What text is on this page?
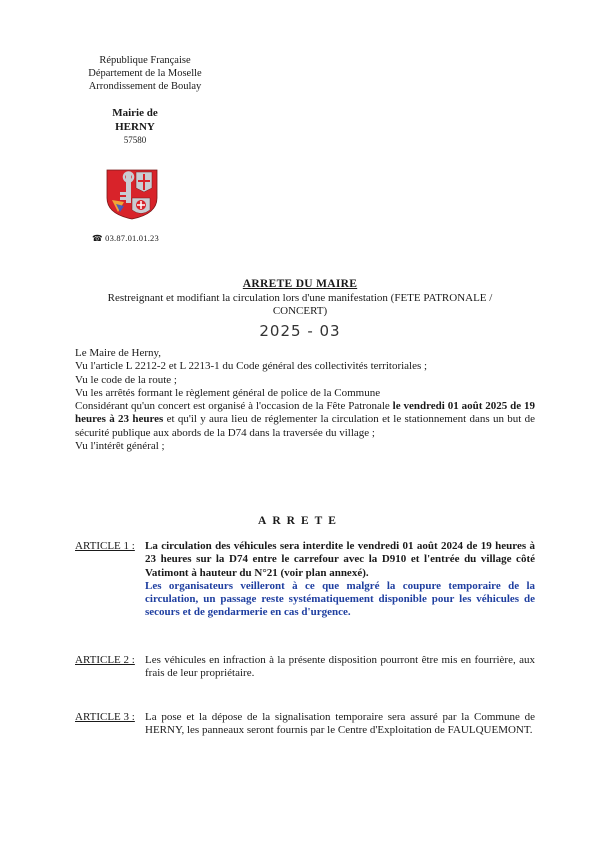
République Française
Département de la Moselle
Arrondissement de Boulay
Mairie de
HERNY
57580
☎ 03.87.01.01.23
ARRETE DU MAIRE
Restreignant et modifiant la circulation lors d'une manifestation (FETE PATRONALE / CONCERT)
2025 - 03

Le Maire de Herny,

Vu l'article L 2212-2 et L 2213-1 du Code général des collectivités territoriales ;

Vu le code de la route ;

Vu les arrêtés formant le règlement général de police de la Commune

Considérant qu'un concert est organisé à l'occasion de la Fête Patronale le vendredi 01 août 2025 de 19 heures à 23 heures et qu'il y aura lieu de réglementer la circulation et le stationnement dans un but de sécurité publique aux abords de la D74 dans la traversée du village ;

Vu l'intérêt général ;

ARRETE
ARTICLE 1 : La circulation des véhicules sera interdite le vendredi 01 août 2024 de 19 heures à 23 heures sur la D74 entre le carrefour avec la D910 et l'entrée du village côté Vatimont à hauteur du N°21 (voir plan annexé).
Les organisateurs veilleront à ce que malgré la coupure temporaire de la circulation, un passage reste systématiquement disponible pour les véhicules de secours et de gendarmerie en cas d'urgence.
ARTICLE 2 : Les véhicules en infraction à la présente disposition pourront être mis en fourrière, aux frais de leur propriétaire.
ARTICLE 3 : La pose et la dépose de la signalisation temporaire sera assuré par la Commune de HERNY, les panneaux seront fournis par le Centre d'Exploitation de FAULQUEMONT.
